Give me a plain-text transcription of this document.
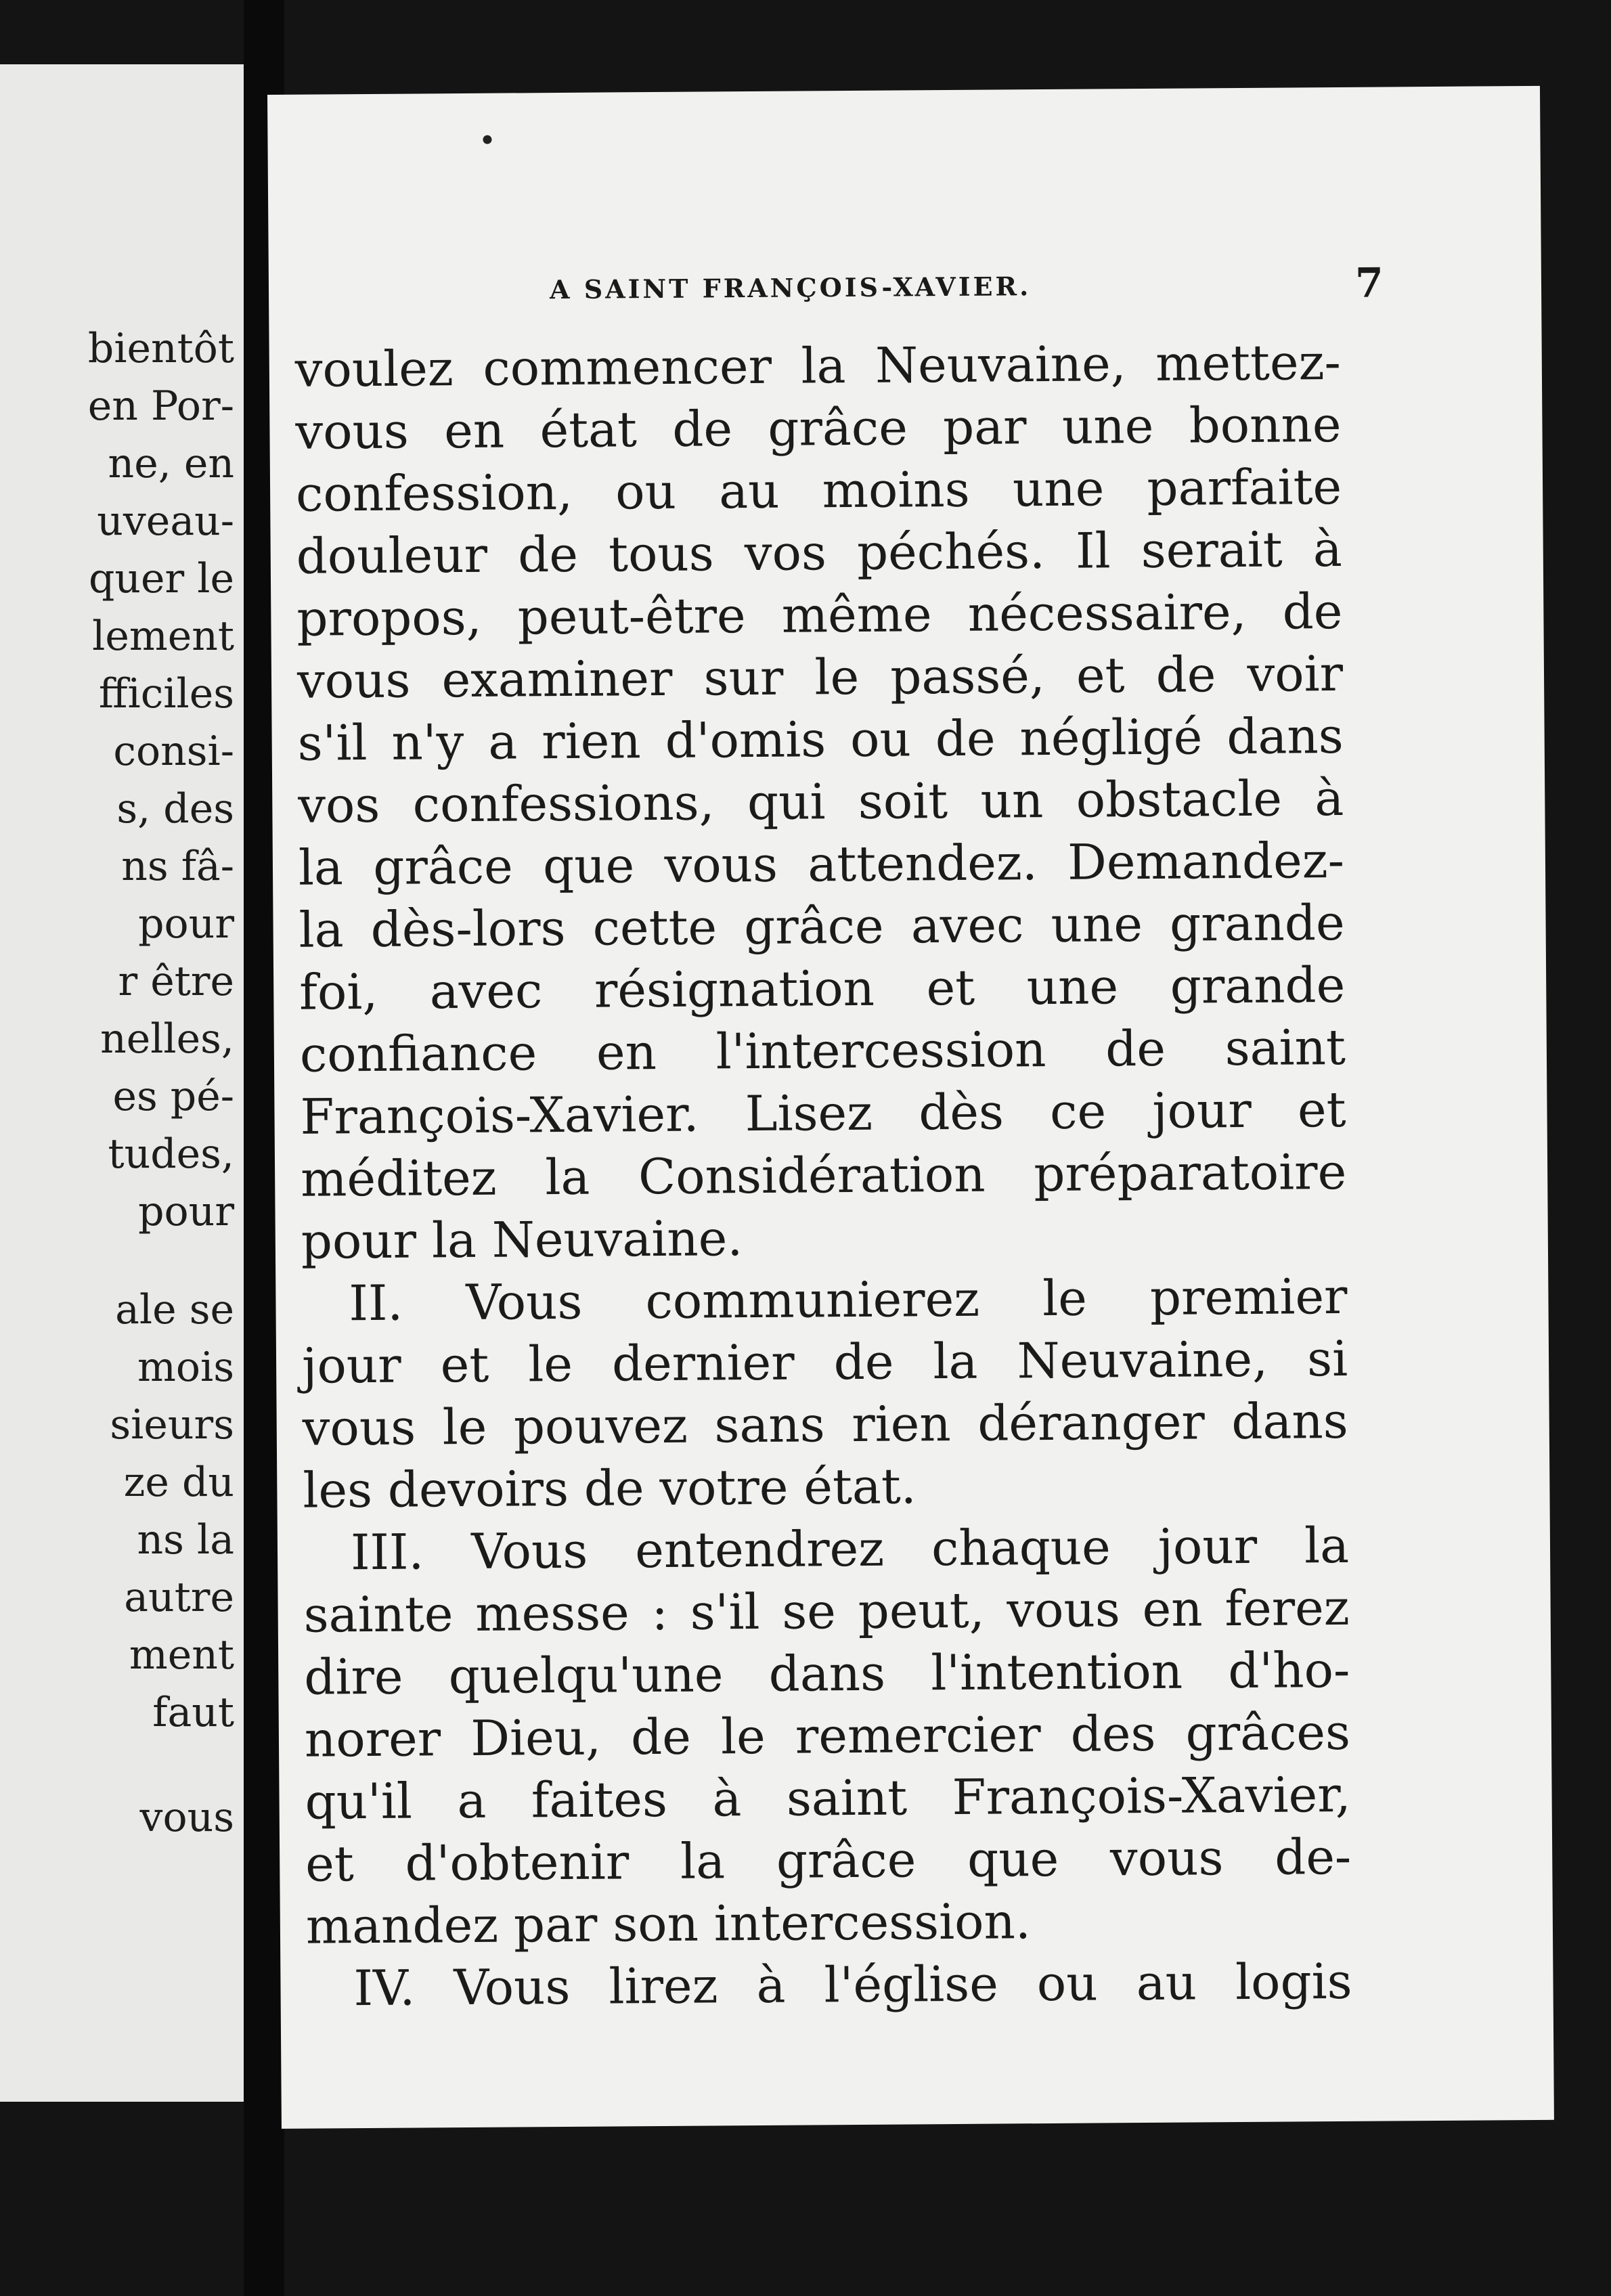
bientôt
en Por-
ne, en
uveau-
quer le
lement
fficiles
consi-
s, des
ns fâ-
pour
r être
nelles,
es pé-
tudes,
pour
ale se
mois
sieurs
ze du
ns la
autre
ment
faut
vous
A SAINT FRANÇOIS-XAVIER.	7
voulez commencer la Neuvaine, mettez-
vous en état de grâce par une bonne
confession, ou au moins une parfaite
douleur de tous vos péchés. Il serait à
propos, peut-être même nécessaire, de
vous examiner sur le passé, et de voir
s'il n'y a rien d'omis ou de négligé dans
vos confessions, qui soit un obstacle à
la grâce que vous attendez. Demandez-
la dès-lors cette grâce avec une grande
foi, avec résignation et une grande
confiance en l'intercession de saint
François-Xavier. Lisez dès ce jour et
méditez la Considération préparatoire
pour la Neuvaine.
II. Vous communierez le premier
jour et le dernier de la Neuvaine, si
vous le pouvez sans rien déranger dans
les devoirs de votre état.
III. Vous entendrez chaque jour la
sainte messe : s'il se peut, vous en ferez
dire quelqu'une dans l'intention d'ho-
norer Dieu, de le remercier des grâces
qu'il a faites à saint François-Xavier,
et d'obtenir la grâce que vous de-
mandez par son intercession.
IV. Vous lirez à l'église ou au logis
